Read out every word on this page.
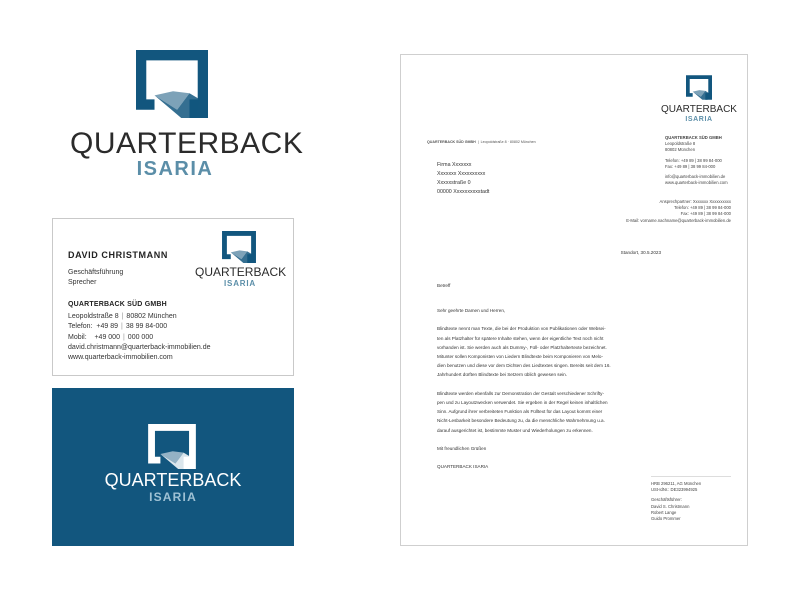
QUARTERBACK
ISARIA
DAVID CHRISTMANN
Geschäftsführung
Sprecher
QUARTERBACK
ISARIA
QUARTERBACK SÜD GMBH
Leopoldstraße 8 | 80802 München
Telefon: +49 89 | 38 99 84-000
Mobil: +49 000 | 000 000
david.christmann@quarterback-immobilien.de
www.quarterback-immobilien.com
QUARTERBACK
ISARIA
QUARTERBACK
ISARIA
QUARTERBACK SÜD GMBH  |  Leopoldstraße 8 · 80802 München
QUARTERBACK SÜD GMBH
Leopoldstraße 8
80802 München
Telefon: +49 89 | 38 99 84-000
Fax: +49 89 | 38 99 84-000
info@quarterback-immobilien.de
www.quarterback-immobilien.com
Ansprechpartner: Xxxxxxx Xxxxxxxxxx
Telefon: +49 89 | 38 99 84-000
Fax: +49 89 | 38 99 84-000
E-Mail: vorname.nachname@quarterback-immobilien.de
Firma Xxxxxxx
Xxxxxxx Xxxxxxxxxx
Xxxxxstraße 0
00000 Xxxxxxxxxstadt
Standort, 30.5.2023
Betreff

Sehr geehrte Damen und Herren,

Blindtexte nennt man Texte, die bei der Produktion von Publikationen oder Websei-

ten als Platzhalter für spätere Inhalte stehen, wenn der eigentliche Text noch nicht

vorhanden ist. Sie werden auch als Dummy-, Füll- oder Platzhaltertexte bezeichnet.

Mitunter sollen Komponisten von Liedern Blindtexte beim Komponieren von Melo-

dien benutzen und diese vor dem Dichten des Liedtextes singen. Bereits seit dem 16.

Jahrhundert dürften Blindtexte bei Setzern üblich gewesen sein.

Blindtexte werden ebenfalls zur Demonstration der Gestalt verschiedener Schrifty-

pen und zu Layoutzwecken verwendet. Sie ergeben in der Regel keinen inhaltlichen

Sinn. Aufgrund ihrer verbreiteten Funktion als Fülltext für das Layout kommt einer

Nicht-Lesbarkeit besondere Bedeutung zu, da die menschliche Wahrnehmung u.a.

darauf ausgerichtet ist, bestimmte Muster und Wiederholungen zu erkennen.

Mit freundlichen Grüßen

QUARTERBACK ISARIA

HRB 296211, AG München
USt-IdNr.: DE323994925
Geschäftsführer:
David S. Christmann
Robert Lange
Guido Prommer
